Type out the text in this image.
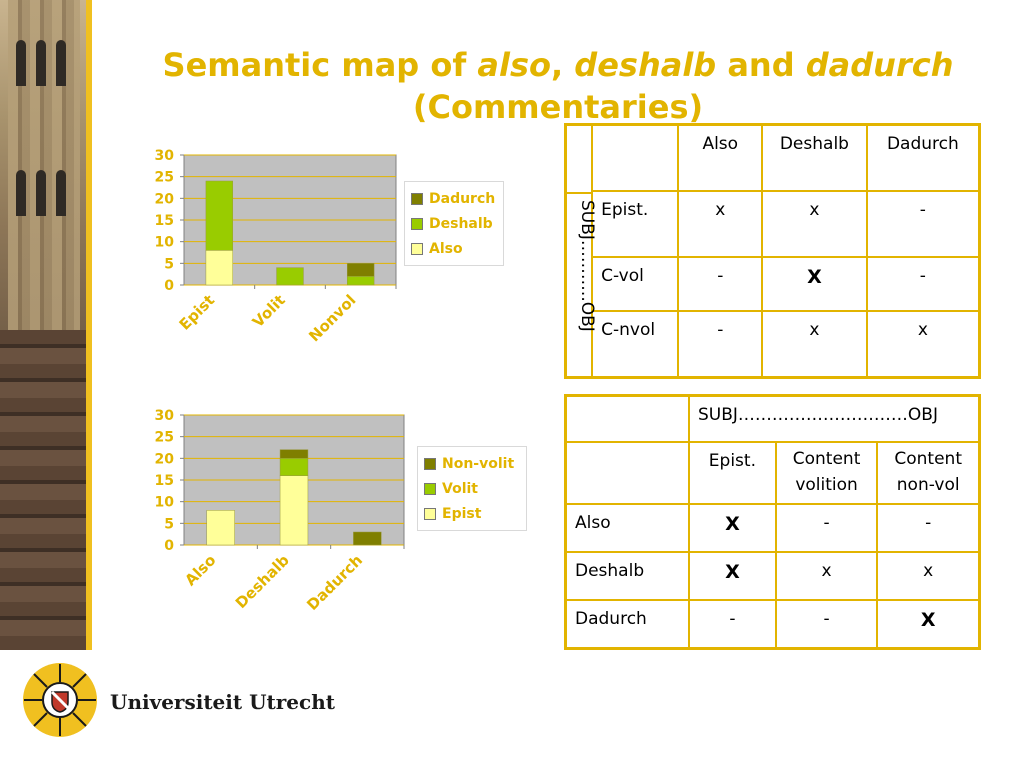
Semantic map of also, deshalb and dadurch
(Commentaries)
0
5
10
15
20
25
30
Epist Volit Nonvol
Dadurch
Deshalb
Also
0
5
10
15
20
25
30
Also Deshalb Dadurch
Non-volit
Volit
Epist
SUBJ………..OBJ		Also	Deshalb	Dadurch
	Epist.	x	x	-
	C-vol	-	X	-
	C-nvol	-	x	x
	SUBJ…………………………OBJ		
	Epist.	Content volition	Content non-vol
Also	X	-	-
Deshalb	X	x	x
Dadurch	-	-	X
Universiteit Utrecht
